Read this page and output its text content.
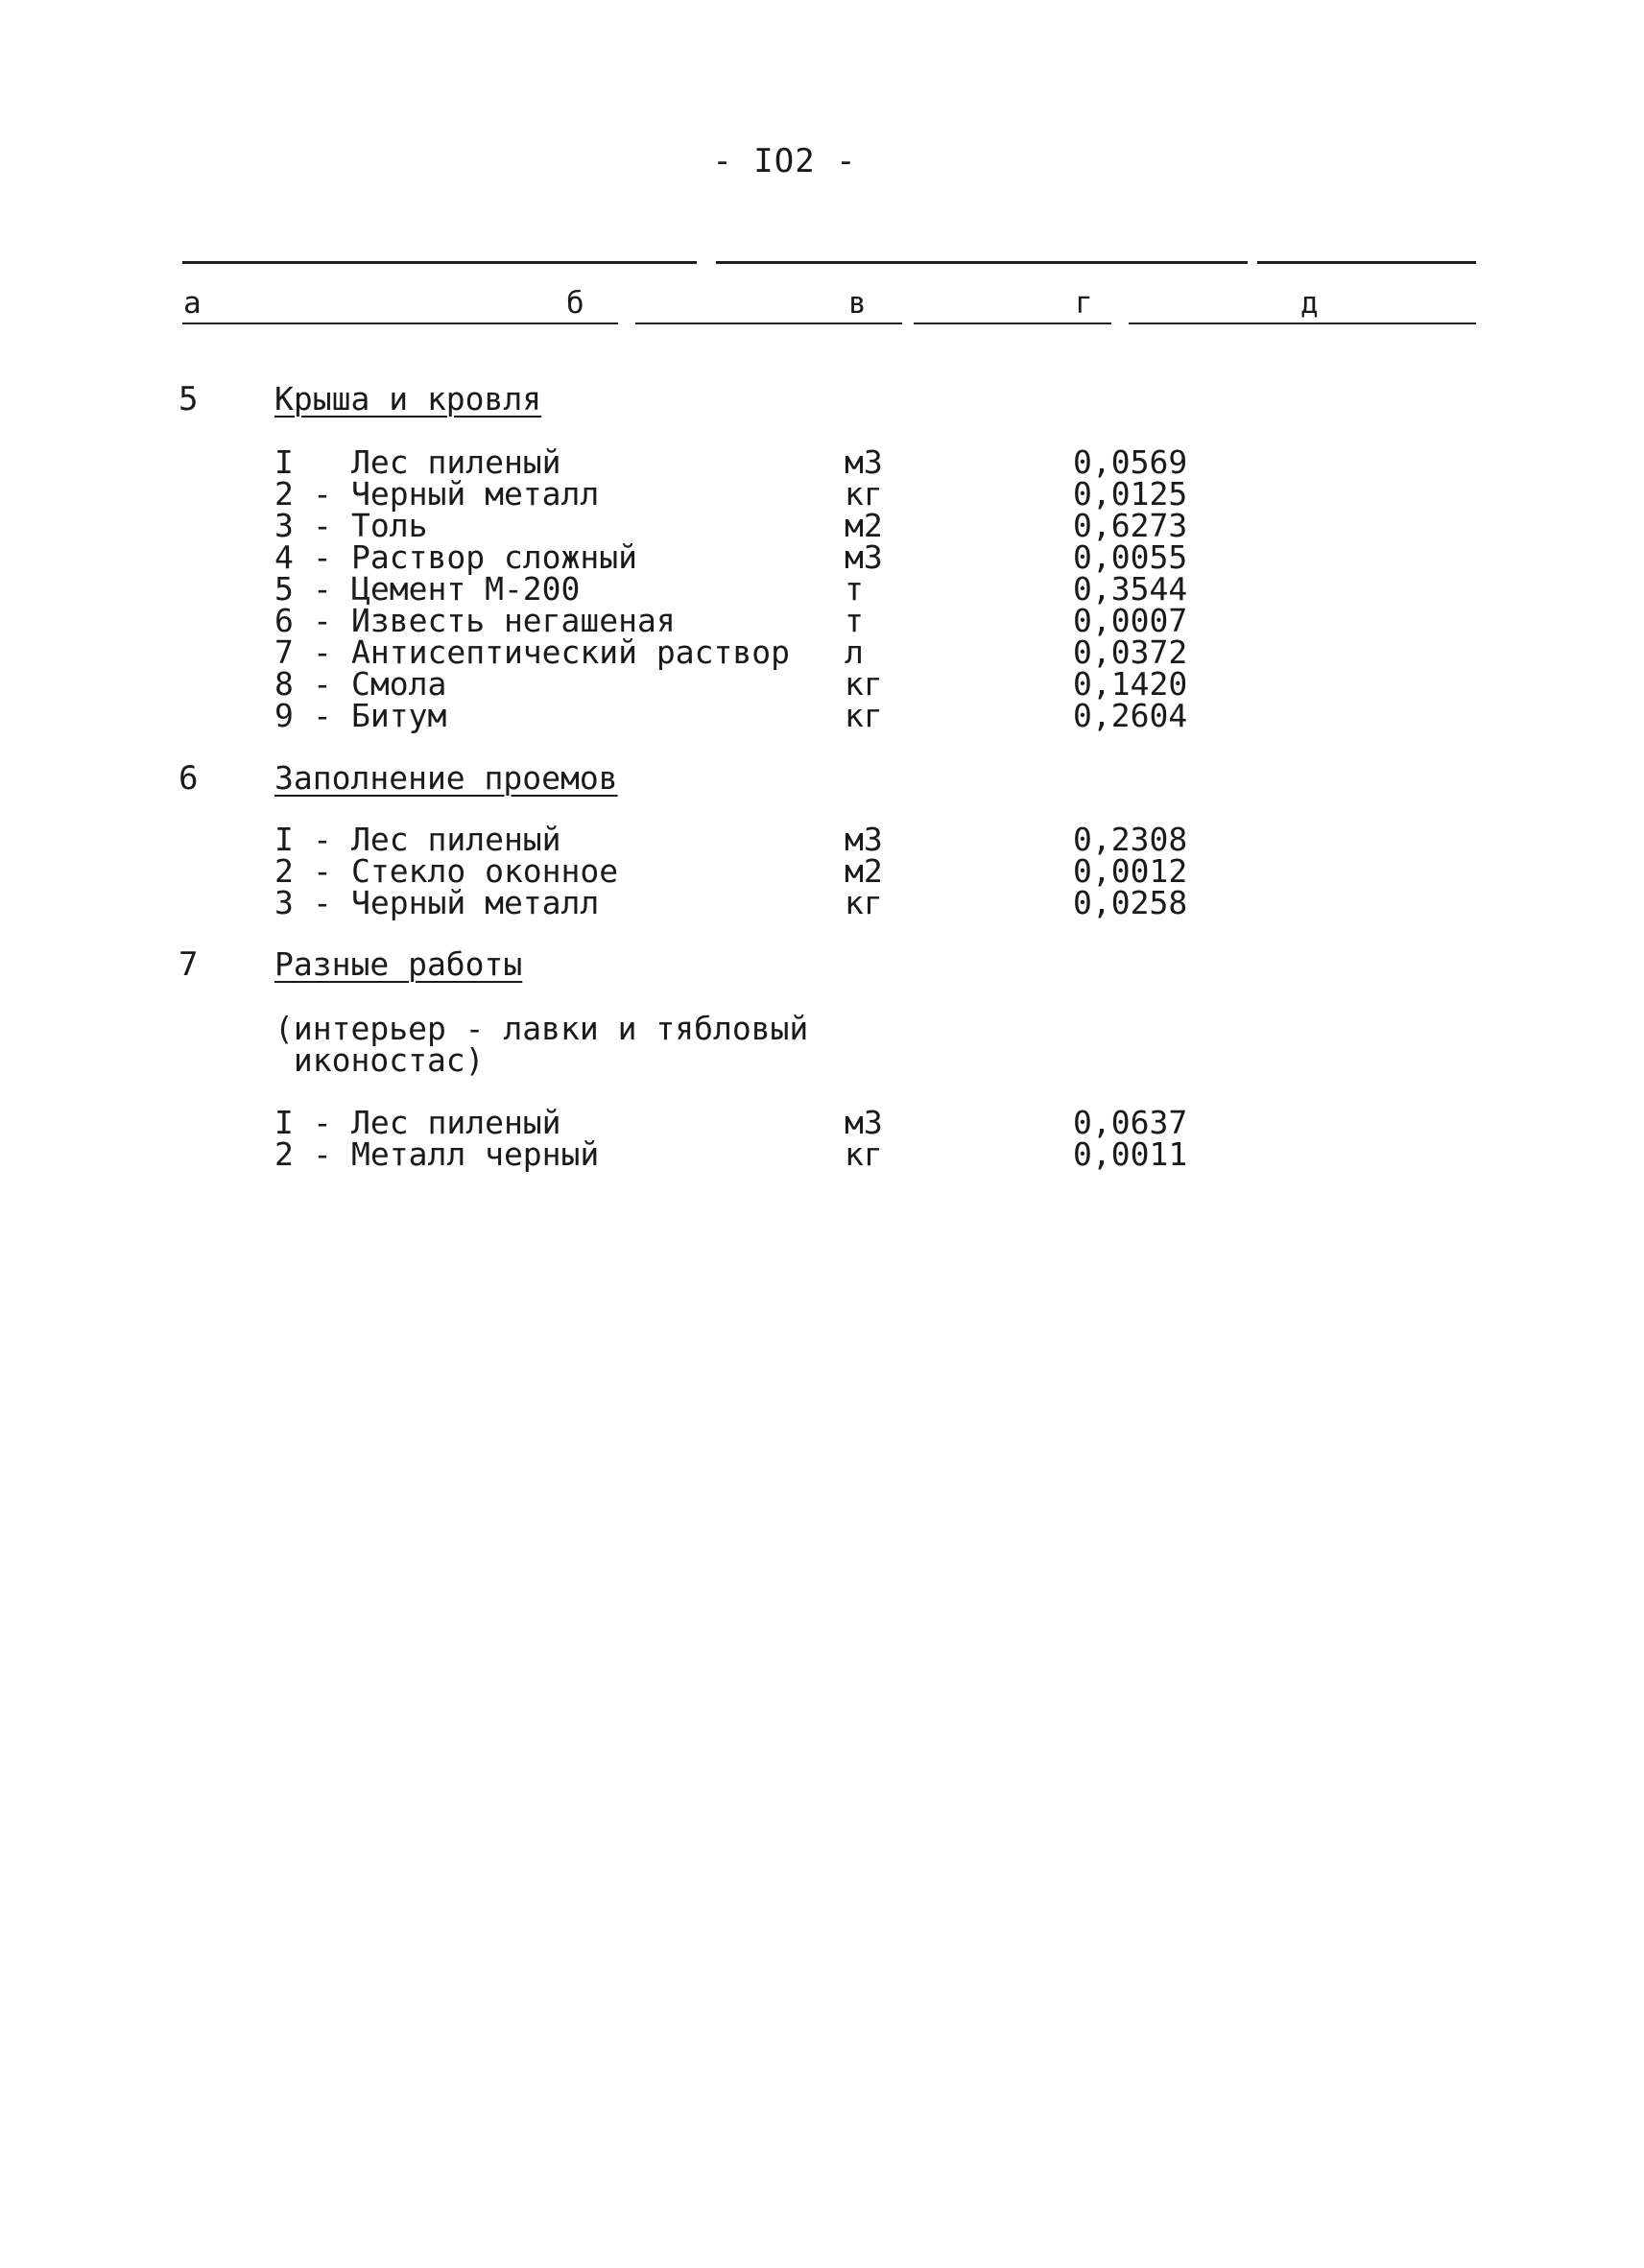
- IO2 -
а	б	в	г	д
5 Крыша и кровля
I	Лес пиленый	м3	0,0569
2 - Черный металл	кг	0,0125
3 - Толь	м2	0,6273
4 - Раствор сложный	м3	0,0055
5 - Цемент М-200	т	0,3544
6 - Известь негашеная	т	0,0007
7 - Антисептический раствор л	0,0372
8 - Смола	кг	0,1420
9 - Битум	кг	0,2604
6 Заполнение проемов
I - Лес пиленый	м3	0,2308
2 - Стекло оконное	м2	0,0012
3 - Черный металл	кг	0,0258
7 Разные работы
(интерьер - лавки и тябловый
иконостас)
I - Лес пиленый	м3	0,0637
2 - Металл черный	кг	0,0011
